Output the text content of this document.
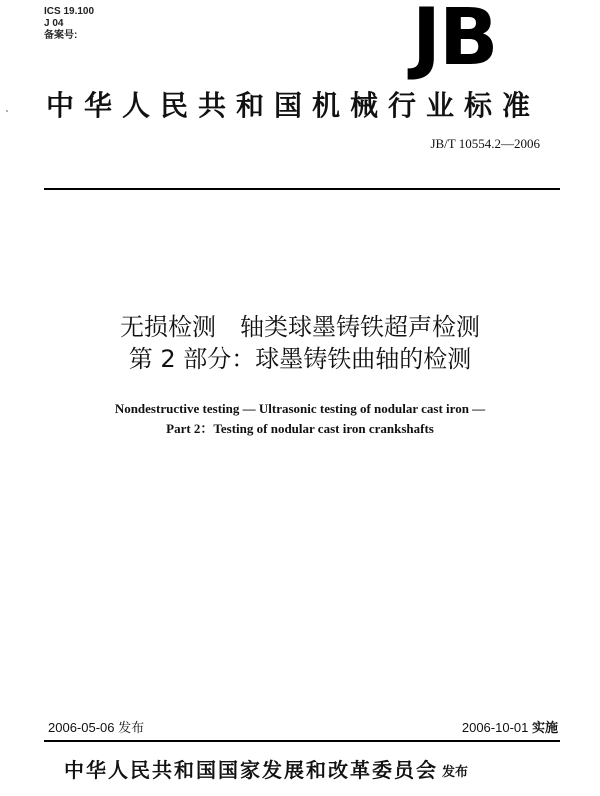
ICS 19.100
J 04
备案号:	JB
中华人民共和国机械行业标准
JB/T 10554.2—2006
无损检测　轴类球墨铸铁超声检测
第 2 部分：球墨铸铁曲轴的检测
Nondestructive testing — Ultrasonic testing of nodular cast iron —
Part 2：Testing of nodular cast iron crankshafts
2006-05-06 发布	2006-10-01 实施
中华人民共和国国家发展和改革委员会 发布
